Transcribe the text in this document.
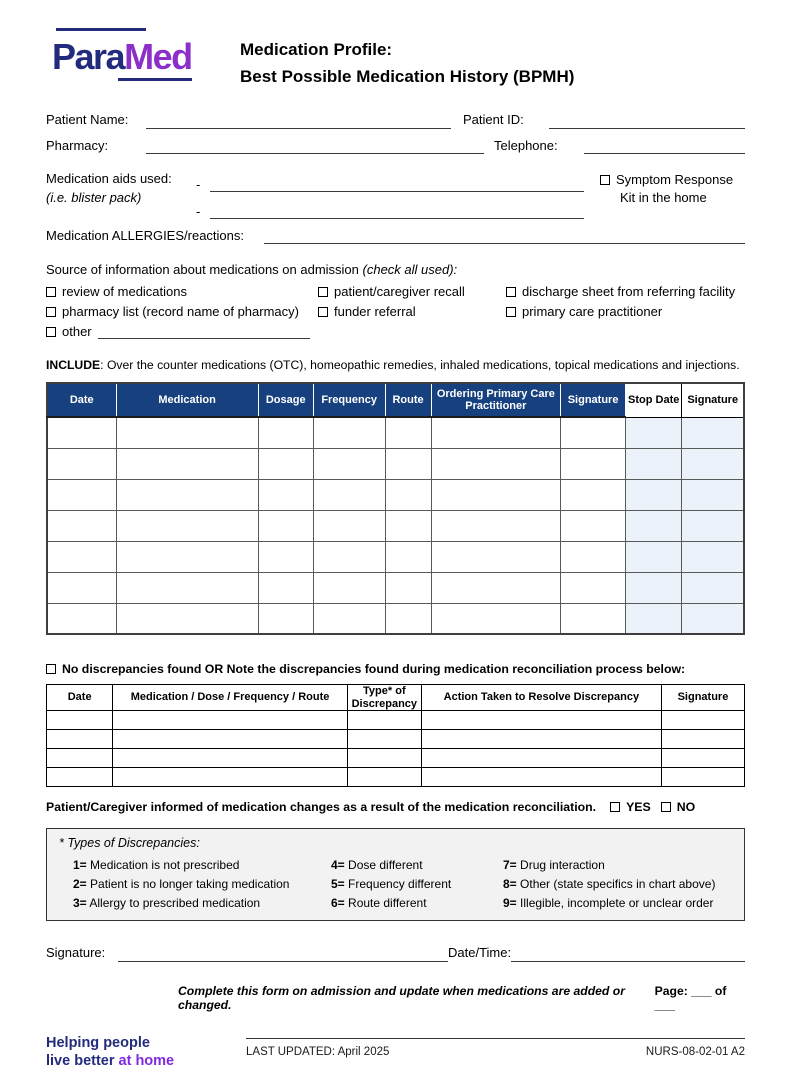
ParaMed	Medication Profile:
Best Possible Medication History (BPMH)
Patient Name:	Patient ID:
Pharmacy:	Telephone:
Medication aids used:
(i.e. blister pack)
-
-
Symptom Response
Kit in the home
Medication ALLERGIES/reactions:
Source of information about medications on admission (check all used):
review of medications	patient/caregiver recall	discharge sheet from referring facility
pharmacy list (record name of pharmacy)	funder referral	primary care practitioner
other
INCLUDE: Over the counter medications (OTC), homeopathic remedies, inhaled medications, topical medications and injections.
Date	Medication	Dosage	Frequency	Route	Ordering Primary Care Practitioner	Signature	Stop Date	Signature

No discrepancies found OR Note the discrepancies found during medication reconciliation process below:
Date	Medication / Dose / Frequency / Route	Type* of Discrepancy	Action Taken to Resolve Discrepancy	Signature

Patient/Caregiver informed of medication changes as a result of the medication reconciliation. YES NO
* Types of Discrepancies:
1= Medication is not prescribed
2= Patient is no longer taking medication
3= Allergy to prescribed medication
4= Dose different
5= Frequency different
6= Route different
7= Drug interaction
8= Other (state specifics in chart above)
9= Illegible, incomplete or unclear order
Signature:	Date/Time:
Complete this form on admission and update when medications are added or changed.
Page: ___ of ___
Helping people
live better at home
LAST UPDATED: April 2025	NURS-08-02-01 A2
